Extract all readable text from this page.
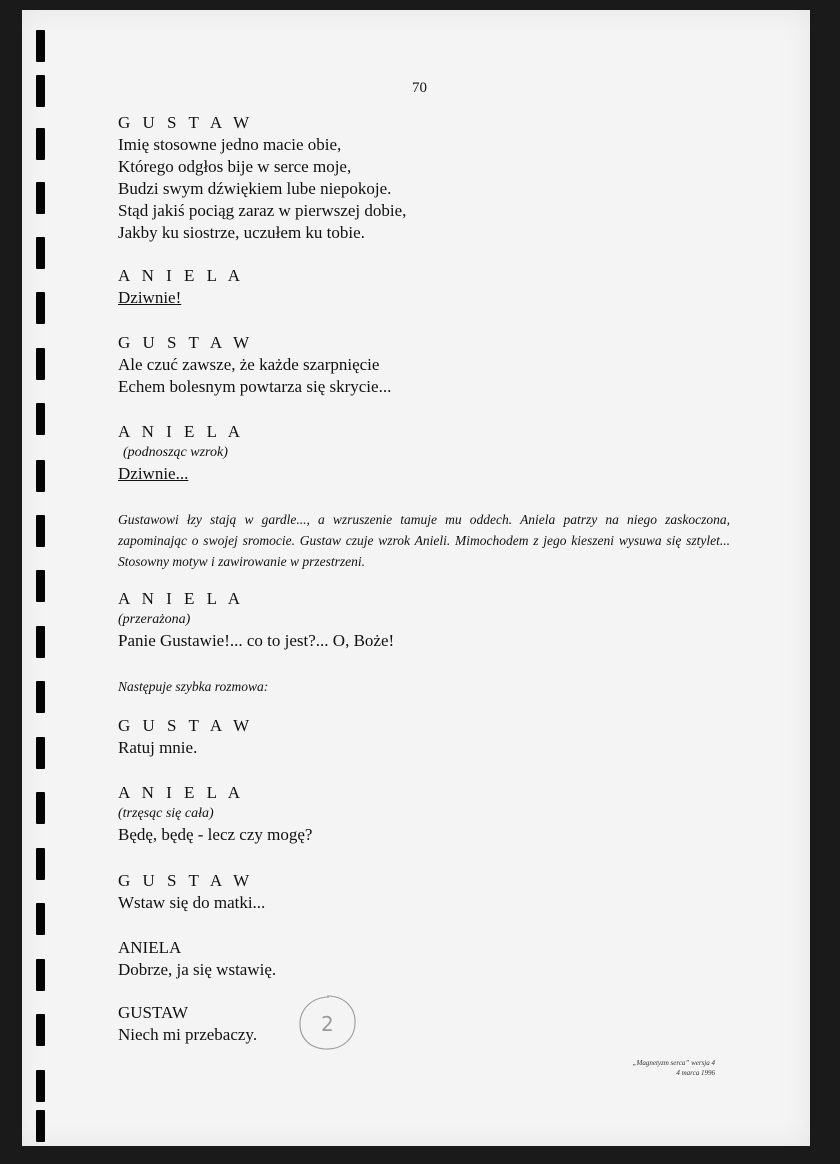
70
G U S T A W
Imię stosowne jedno macie obie,
Którego odgłos bije w serce moje,
Budzi swym dźwiękiem lube niepokoje.
Stąd jakiś pociąg zaraz w pierwszej dobie,
Jakby ku siostrze, uczułem ku tobie.
A N I E L A
Dziwnie!
G U S T A W
Ale czuć zawsze, że każde szarpnięcie
Echem bolesnym powtarza się skrycie...
A N I E L A
(podnosząc wzrok)
Dziwnie...
Gustawowi łzy stają w gardle..., a wzruszenie tamuje mu oddech. Aniela patrzy na niego zaskoczona, zapominając o swojej sromocie. Gustaw czuje wzrok Anieli. Mimochodem z jego kieszeni wysuwa się sztylet... Stosowny motyw i zawirowanie w przestrzeni.
A N I E L A
(przerażona)
Panie Gustawie!... co to jest?... O, Boże!
Następuje szybka rozmowa:
G U S T A W
Ratuj mnie.
A N I E L A
(trzęsąc się cała)
Będę, będę - lecz czy mogę?
G U S T A W
Wstaw się do matki...
ANIELA
Dobrze, ja się wstawię.
GUSTAW
Niech mi przebaczy.	2
„Magnetyzm serca” wersja 4
4 marca 1996
